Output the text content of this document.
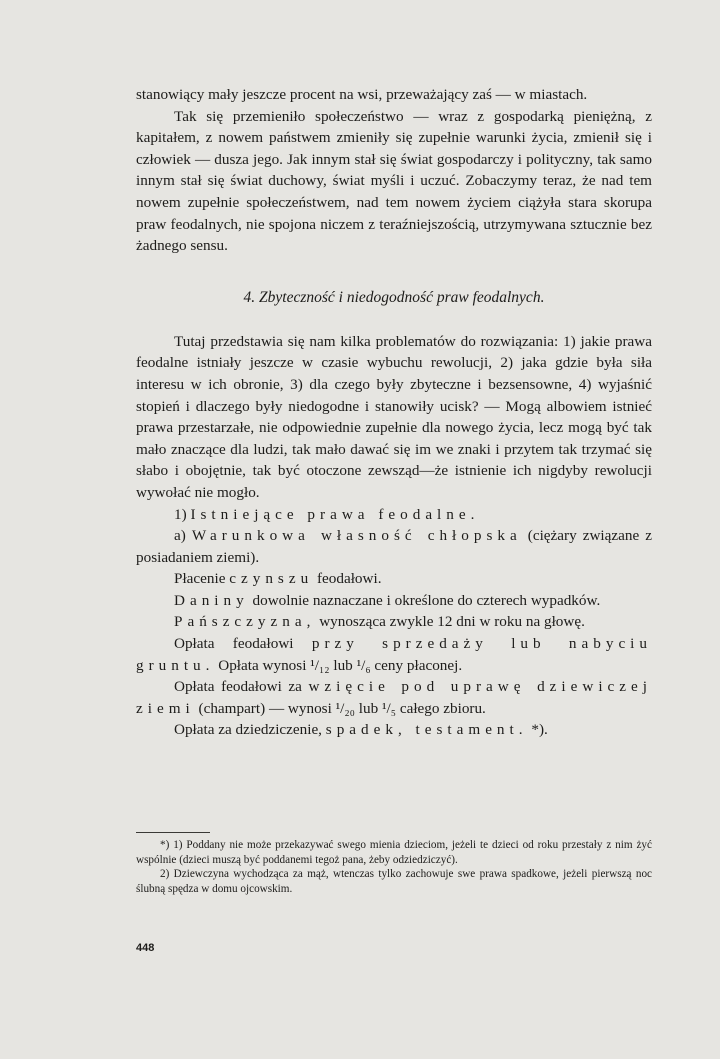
stanowiący mały jeszcze procent na wsi, przeważający zaś — w miastach.

Tak się przemieniło społeczeństwo — wraz z gospodarką pieniężną, z kapitałem, z nowem państwem zmieniły się zupełnie warunki życia, zmienił się i człowiek — dusza jego. Jak innym stał się świat gospodarczy i polityczny, tak samo innym stał się świat duchowy, świat myśli i uczuć. Zobaczymy teraz, że nad tem nowem zupełnie społeczeństwem, nad tem nowem życiem ciążyła stara skorupa praw feodalnych, nie spojona niczem z teraźniejszością, utrzymywana sztucznie bez żadnego sensu.

4. Zbyteczność i niedogodność praw feodalnych.

Tutaj przedstawia się nam kilka problematów do rozwiązania: 1) jakie prawa feodalne istniały jeszcze w czasie wybuchu rewolucji, 2) jaka gdzie była siła interesu w ich obronie, 3) dla czego były zbyteczne i bezsensowne, 4) wyjaśnić stopień i dlaczego były niedogodne i stanowiły ucisk? — Mogą albowiem istnieć prawa przestarzałe, nie odpowiednie zupełnie dla nowego życia, lecz mogą być tak mało znaczące dla ludzi, tak mało dawać się im we znaki i przytem tak trzymać się słabo i obojętnie, tak być otoczone zewsząd—że istnienie ich nigdyby rewolucji wywołać nie mogło.

1) Istniejące prawa feodalne.

a) Warunkowa własność chłopska (ciężary związane z posiadaniem ziemi).

Płacenie czynszu feodałowi.

Daniny dowolnie naznaczane i określone do czterech wypadków.

Pańszczyzna, wynosząca zwykle 12 dni w roku na głowę.

Opłata feodałowi przy sprzedaży lub nabyciu gruntu. Opłata wynosi ¹/₁₂ lub ¹/₆ ceny płaconej.

Opłata feodałowi za wzięcie pod uprawę dziewiczej ziemi (champart) — wynosi ¹/₂₀ lub ¹/₅ całego zbioru.

Opłata za dziedziczenie, spadek, testament. *).

*) 1) Poddany nie może przekazywać swego mienia dzieciom, jeżeli te dzieci od roku przestały z nim żyć wspólnie (dzieci muszą być poddanemi tegoż pana, żeby odziedziczyć).

2) Dziewczyna wychodząca za mąż, wtenczas tylko zachowuje swe prawa spadkowe, jeżeli pierwszą noc ślubną spędza w domu ojcowskim.

448
